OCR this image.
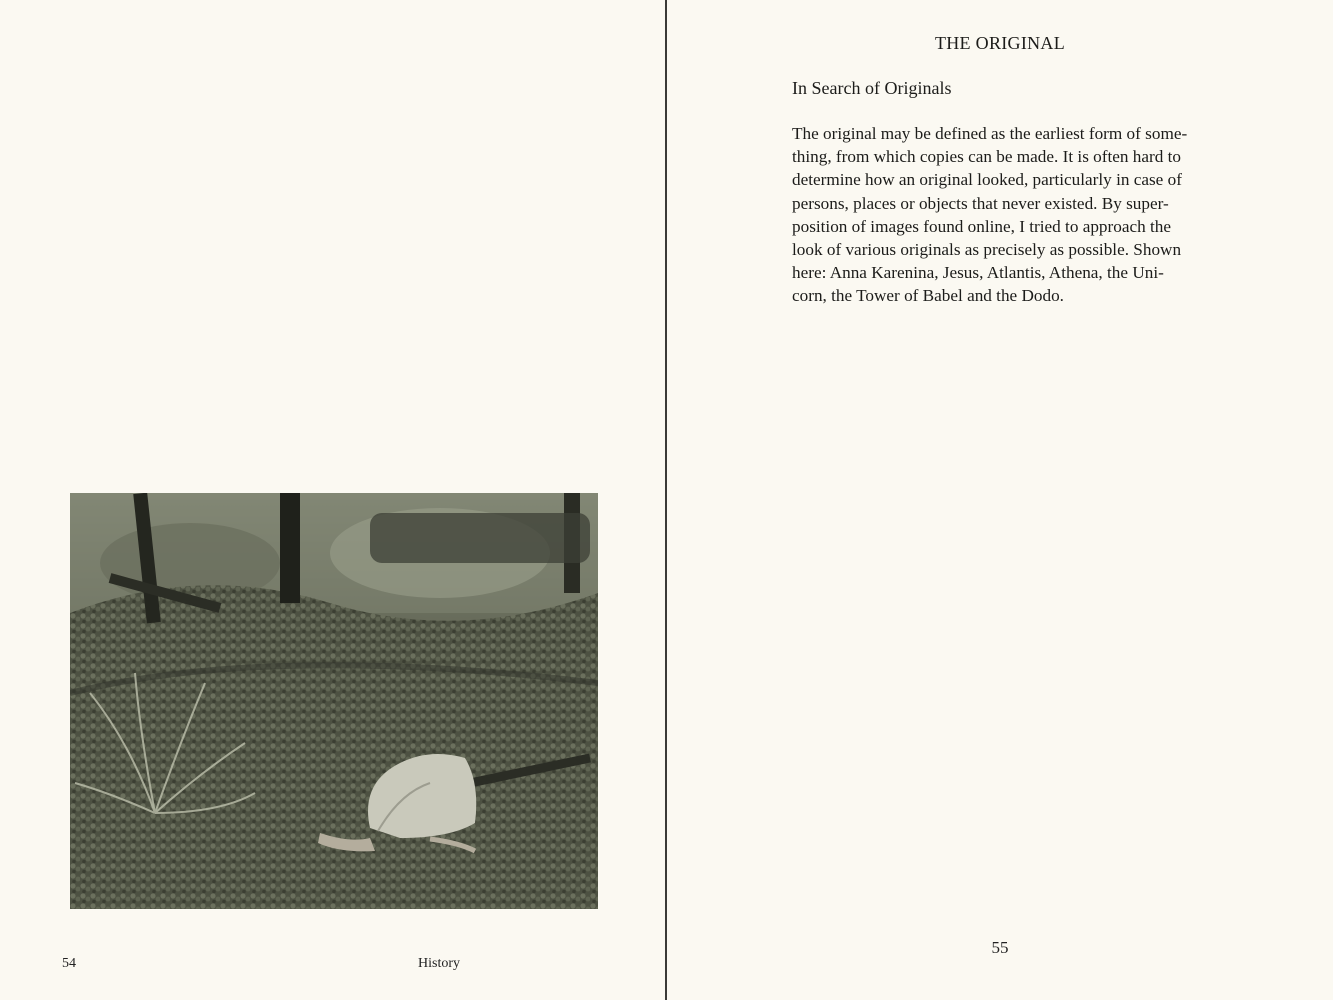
54	History
THE ORIGINAL
In Search of Originals

The original may be defined as the earliest form of some-
thing, from which copies can be made. It is often hard to
determine how an original looked, particularly in case of
persons, places or objects that never existed. By super-
position of images found online, I tried to approach the
look of various originals as precisely as possible. Shown
here: Anna Karenina, Jesus, Atlantis, Athena, the Uni-
corn, the Tower of Babel and the Dodo.

55
